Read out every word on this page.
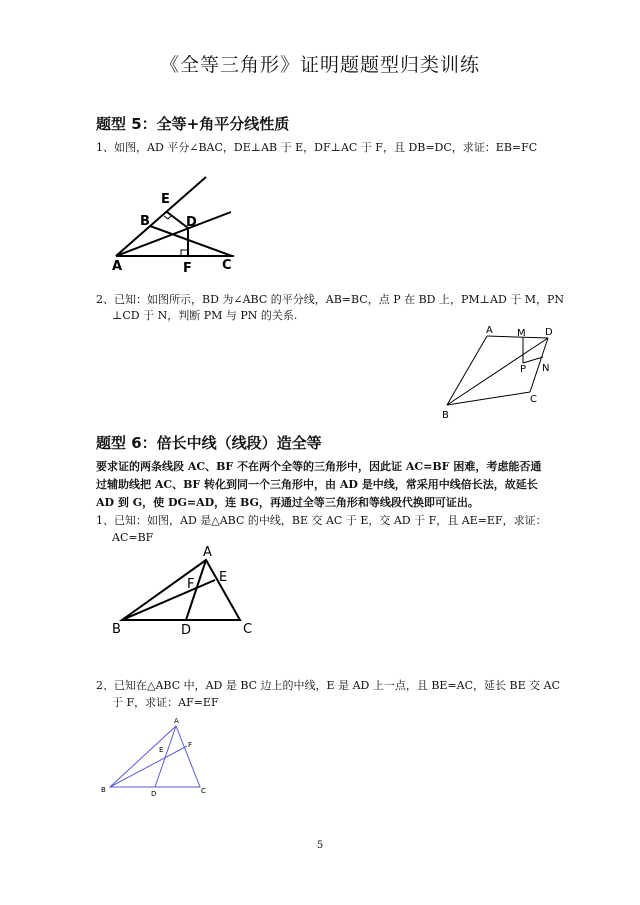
《全等三角形》证明题题型归类训练
题型 5：全等+角平分线性质
1、如图，AD 平分∠BAC，DE⊥AB 于 E，DF⊥AC 于 F，且 DB=DC，求证：EB=FC
A
B
C
D
E
F
2、已知：如图所示，BD 为∠ABC 的平分线，AB=BC，点 P 在 BD 上，PM⊥AD 于 M，PN
⊥CD 于 N，判断 PM 与 PN 的关系.
A M D
P N
B
C
题型 6：倍长中线（线段）造全等
要求证的两条线段 AC、BF 不在两个全等的三角形中，因此证 AC=BF 困难，考虑能否通
过辅助线把 AC、BF 转化到同一个三角形中，由 AD 是中线，常采用中线倍长法，故延长
AD 到 G，使 DG=AD，连 BG，再通过全等三角形和等线段代换即可证出。
1、已知：如图，AD 是△ABC 的中线，BE 交 AC 于 E，交 AD 于 F，且 AE=EF，求证：
AC=BF
A
F E
B	D	C
2、已知在△ABC 中，AD 是 BC 边上的中线，E 是 AD 上一点，且 BE=AC，延长 BE 交 AC
于 F，求证：AF=EF
A
E
F
B	D	C
5
